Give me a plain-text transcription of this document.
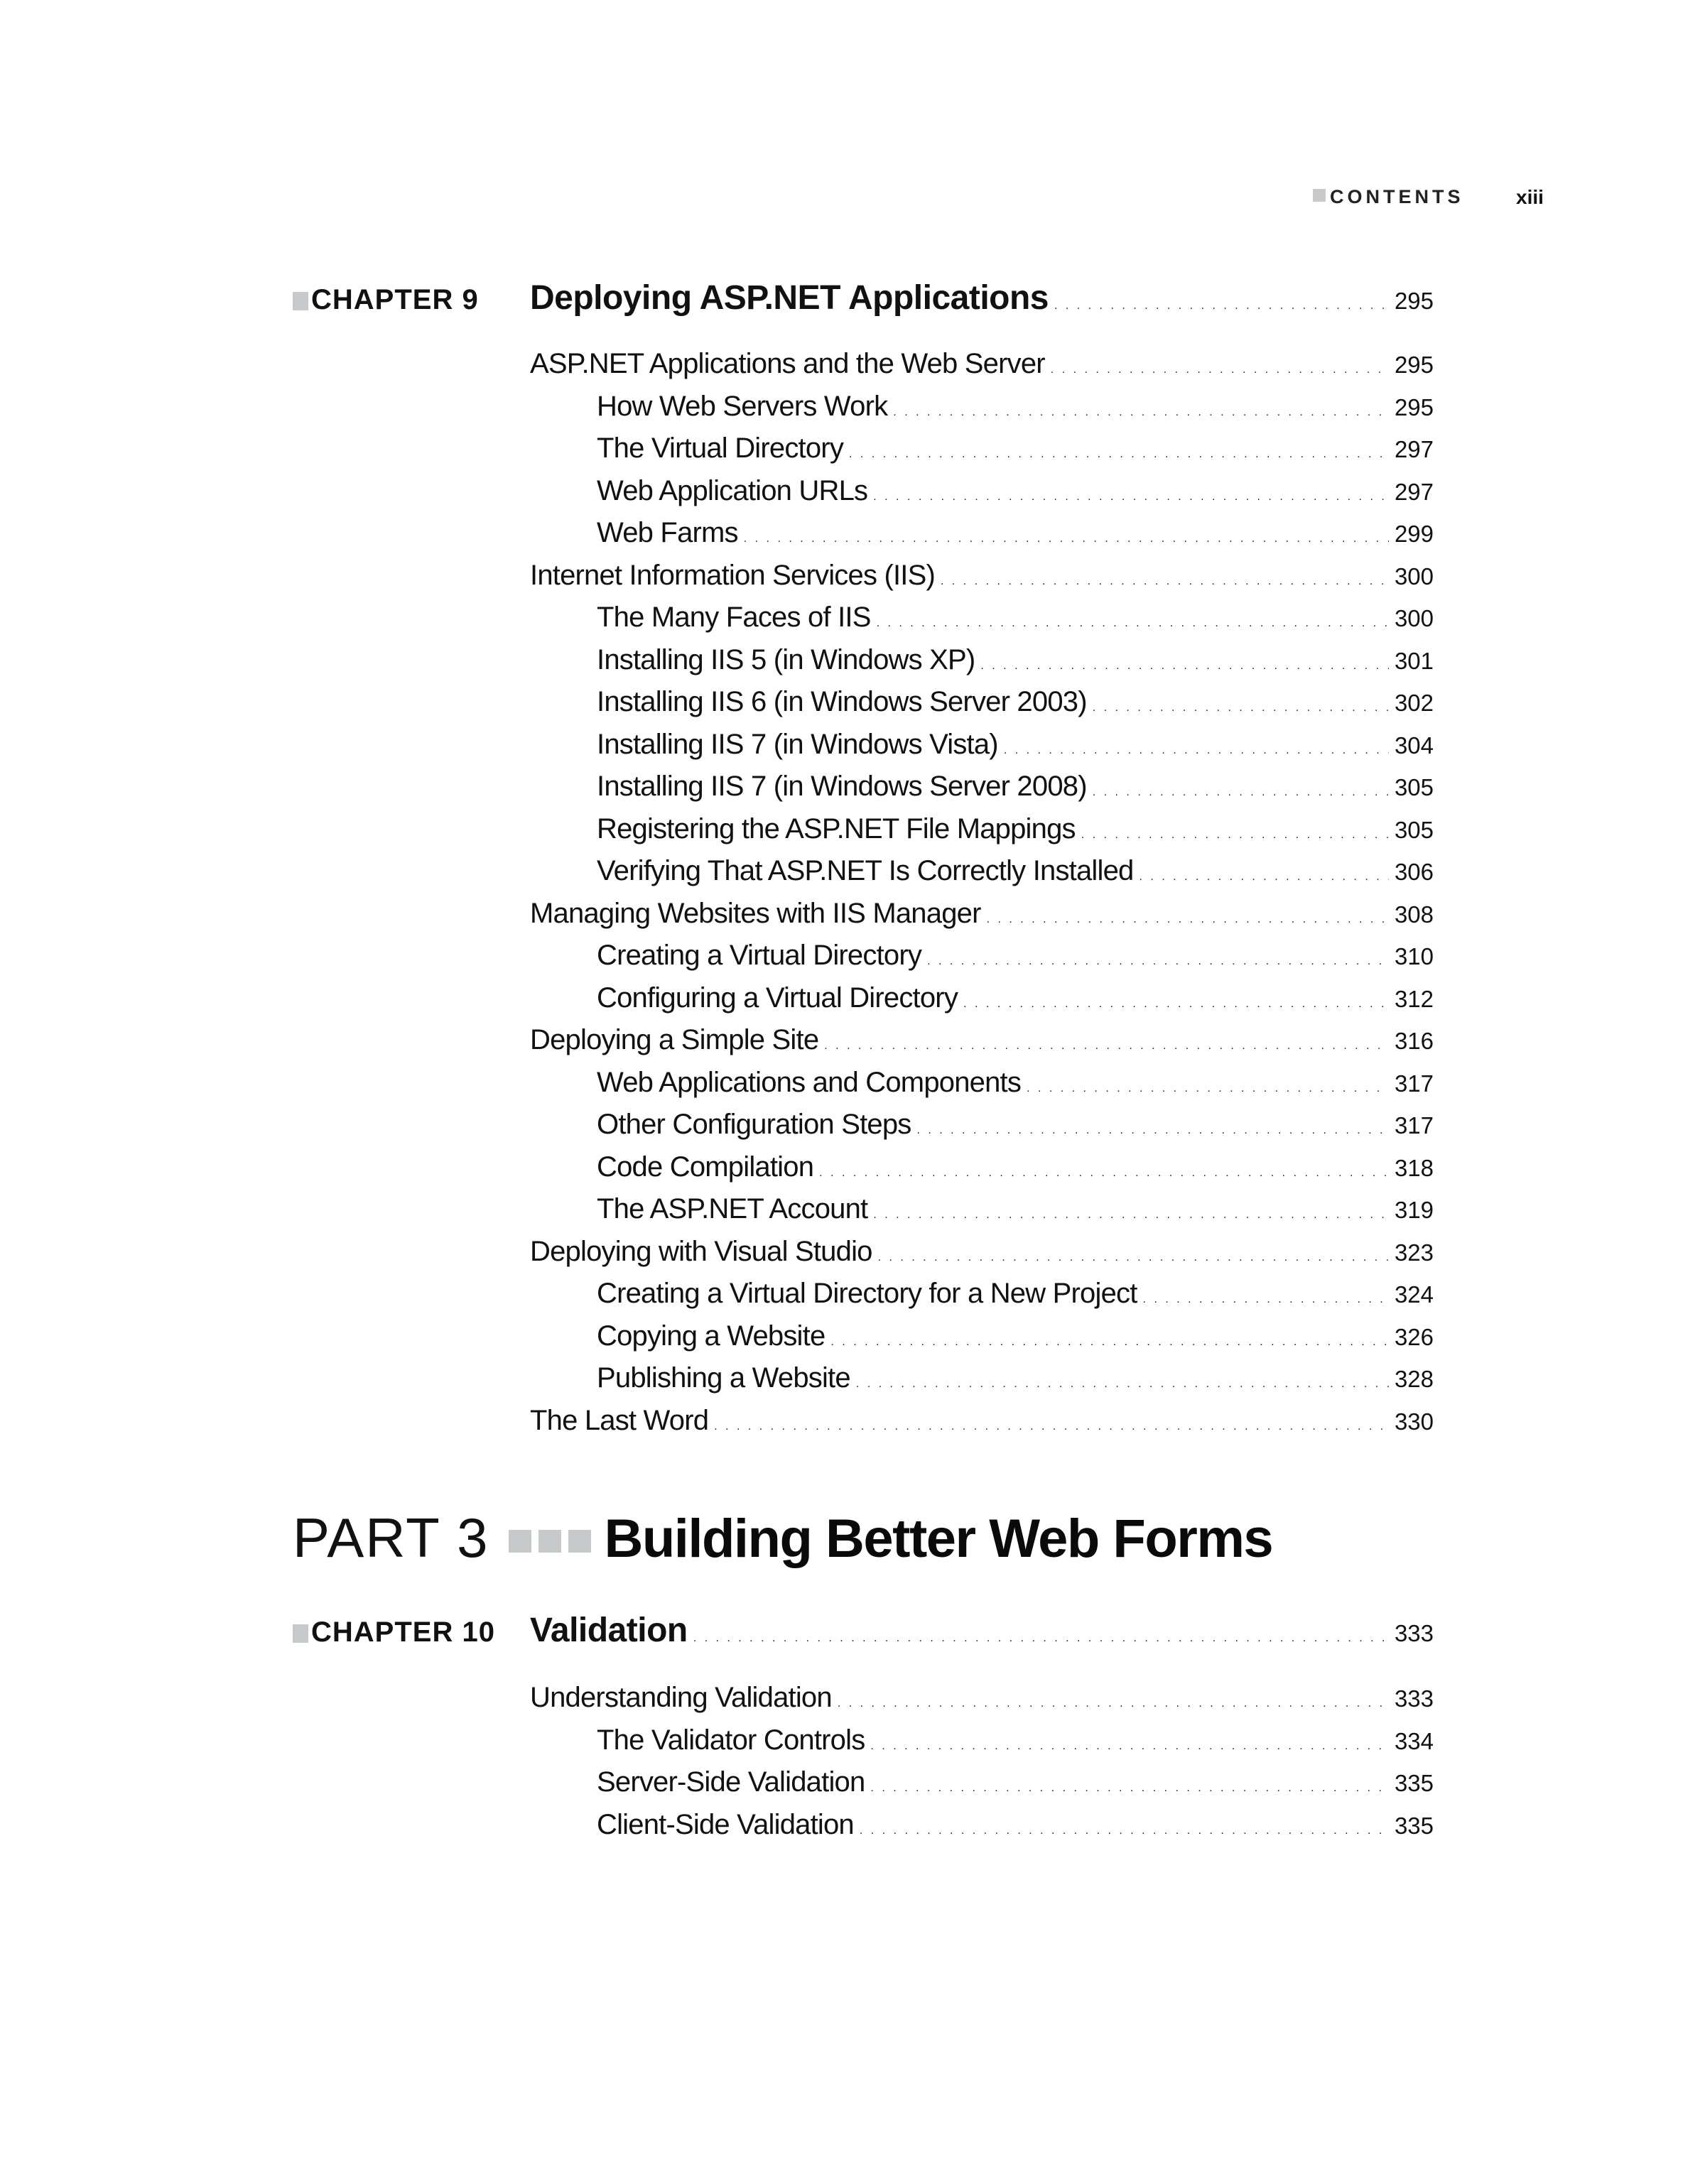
CONTENTS	xiii
CHAPTER 9 Deploying ASP.NET Applications . . .	295
ASP.NET Applications and the Web Server . . .	295
How Web Servers Work . . .	295
The Virtual Directory . . .	297
Web Application URLs . . .	297
Web Farms . . .	299
Internet Information Services (IIS) . . .	300
The Many Faces of IIS . . .	300
Installing IIS 5 (in Windows XP) . . .	301
Installing IIS 6 (in Windows Server 2003) . . .	302
Installing IIS 7 (in Windows Vista) . . .	304
Installing IIS 7 (in Windows Server 2008) . . .	305
Registering the ASP.NET File Mappings . . .	305
Verifying That ASP.NET Is Correctly Installed . . .	306
Managing Websites with IIS Manager . . .	308
Creating a Virtual Directory . . .	310
Configuring a Virtual Directory . . .	312
Deploying a Simple Site . . .	316
Web Applications and Components . . .	317
Other Configuration Steps . . .	317
Code Compilation . . .	318
The ASP.NET Account . . .	319
Deploying with Visual Studio . . .	323
Creating a Virtual Directory for a New Project . . .	324
Copying a Website . . .	326
Publishing a Website . . .	328
The Last Word . . .	330
PART 3 Building Better Web Forms
CHAPTER 10 Validation . . .	333
Understanding Validation . . .	333
The Validator Controls . . .	334
Server-Side Validation . . .	335
Client-Side Validation . . .	335
